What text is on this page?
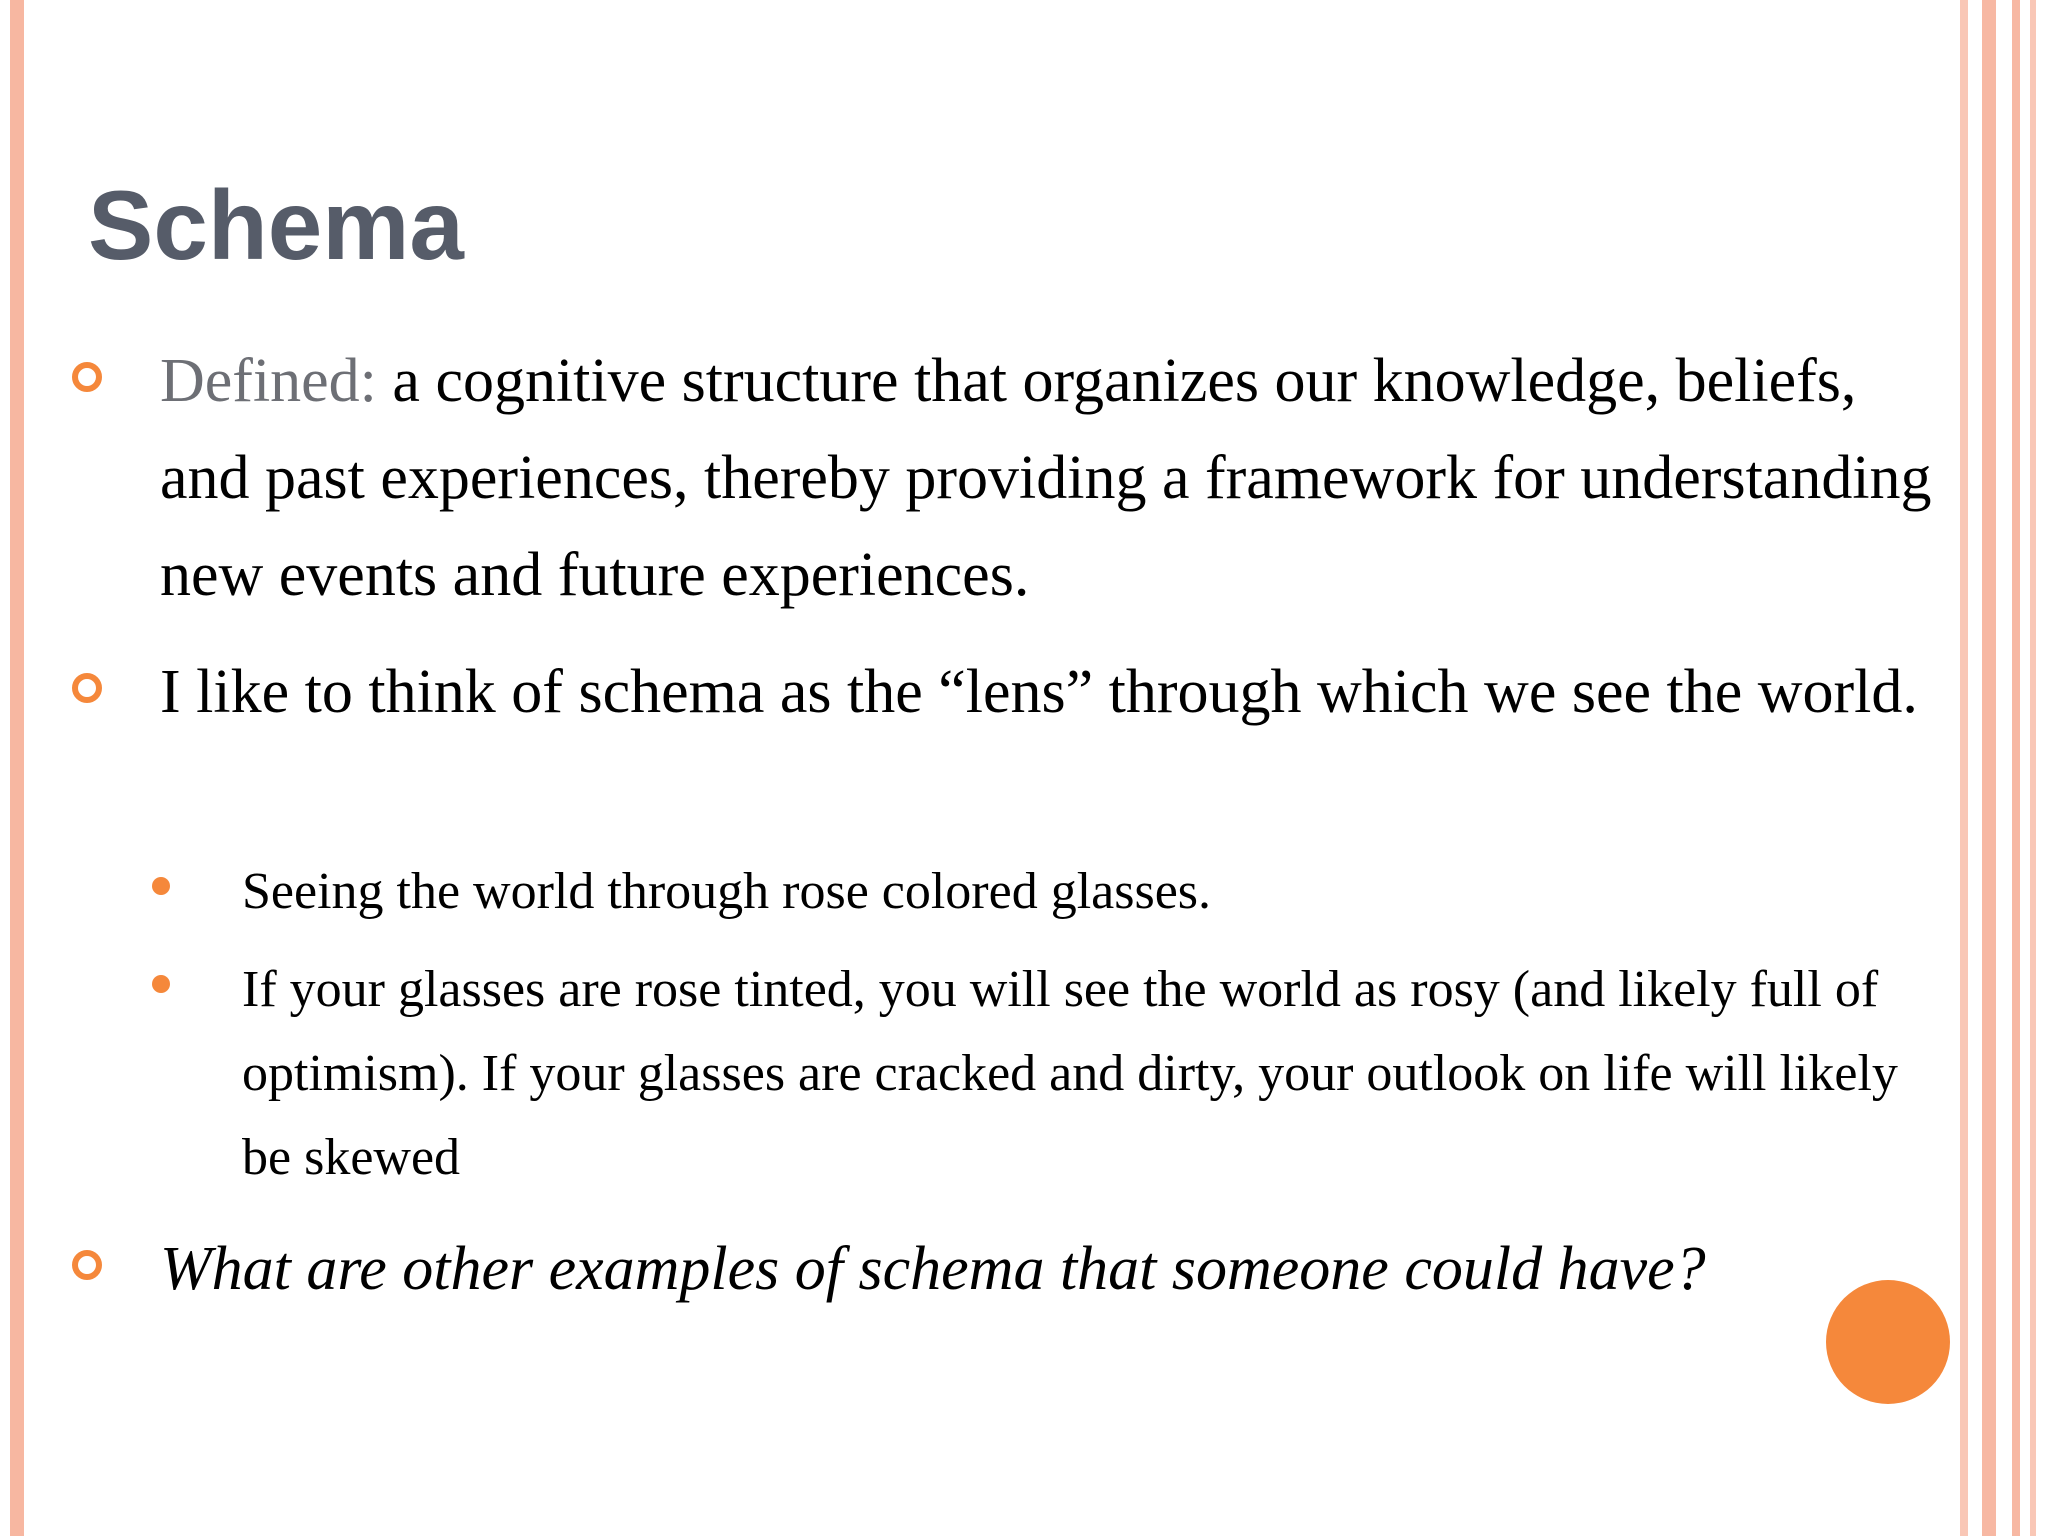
Schema

Defined: a cognitive structure that organizes our knowledge, beliefs, and past experiences, thereby providing a framework for understanding new events and future experiences.

I like to think of schema as the “lens” through which we see the world.

Seeing the world through rose colored glasses.

If your glasses are rose tinted, you will see the world as rosy (and likely full of optimism). If your glasses are cracked and dirty, your outlook on life will likely be skewed

What are other examples of schema that someone could have?
